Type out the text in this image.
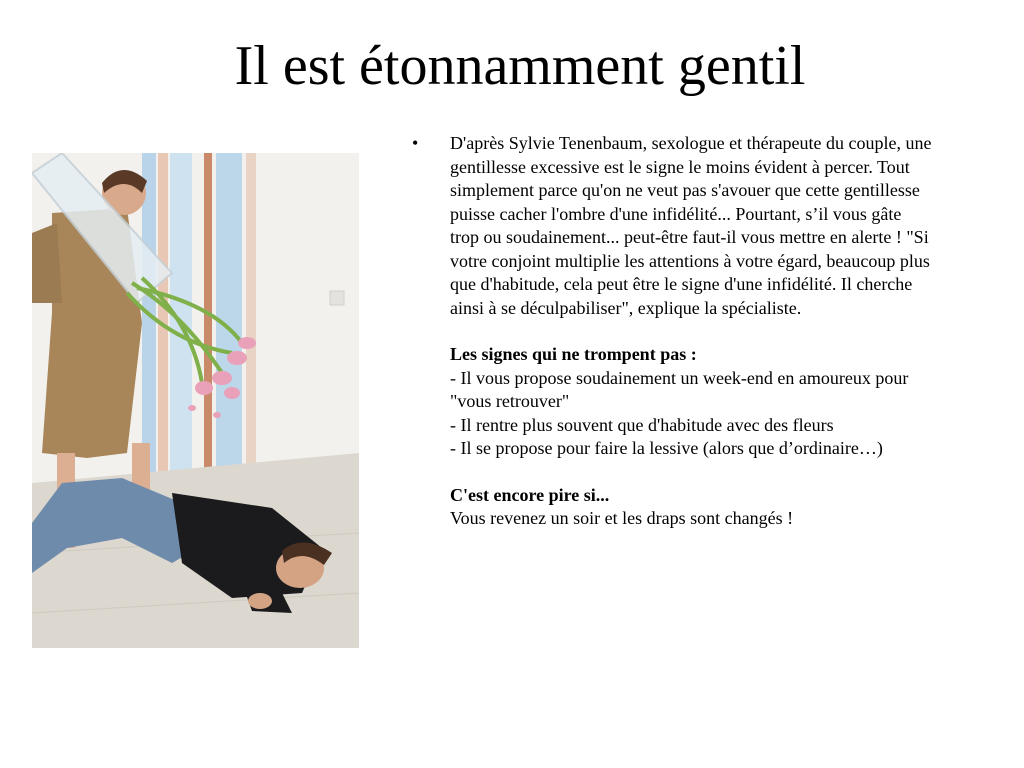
Il est étonnamment gentil
•	D'après Sylvie Tenenbaum, sexologue et thérapeute du couple, une gentillesse excessive est le signe le moins évident à percer. Tout simplement parce qu'on ne veut pas s'avouer que cette gentillesse puisse cacher l'ombre d'une infidélité... Pourtant, s’il vous gâte trop ou soudainement... peut-être faut-il vous mettre en alerte ! "Si votre conjoint multiplie les attentions à votre égard, beaucoup plus que d'habitude, cela peut être le signe d'une infidélité. Il cherche ainsi à se déculpabiliser", explique la spécialiste.

Les signes qui ne trompent pas :

- Il vous propose soudainement un week-end en amoureux pour "vous retrouver"

- Il rentre plus souvent que d'habitude avec des fleurs

- Il se propose pour faire la lessive (alors que d’ordinaire…)

C'est encore pire si...

Vous revenez un soir et les draps sont changés !
